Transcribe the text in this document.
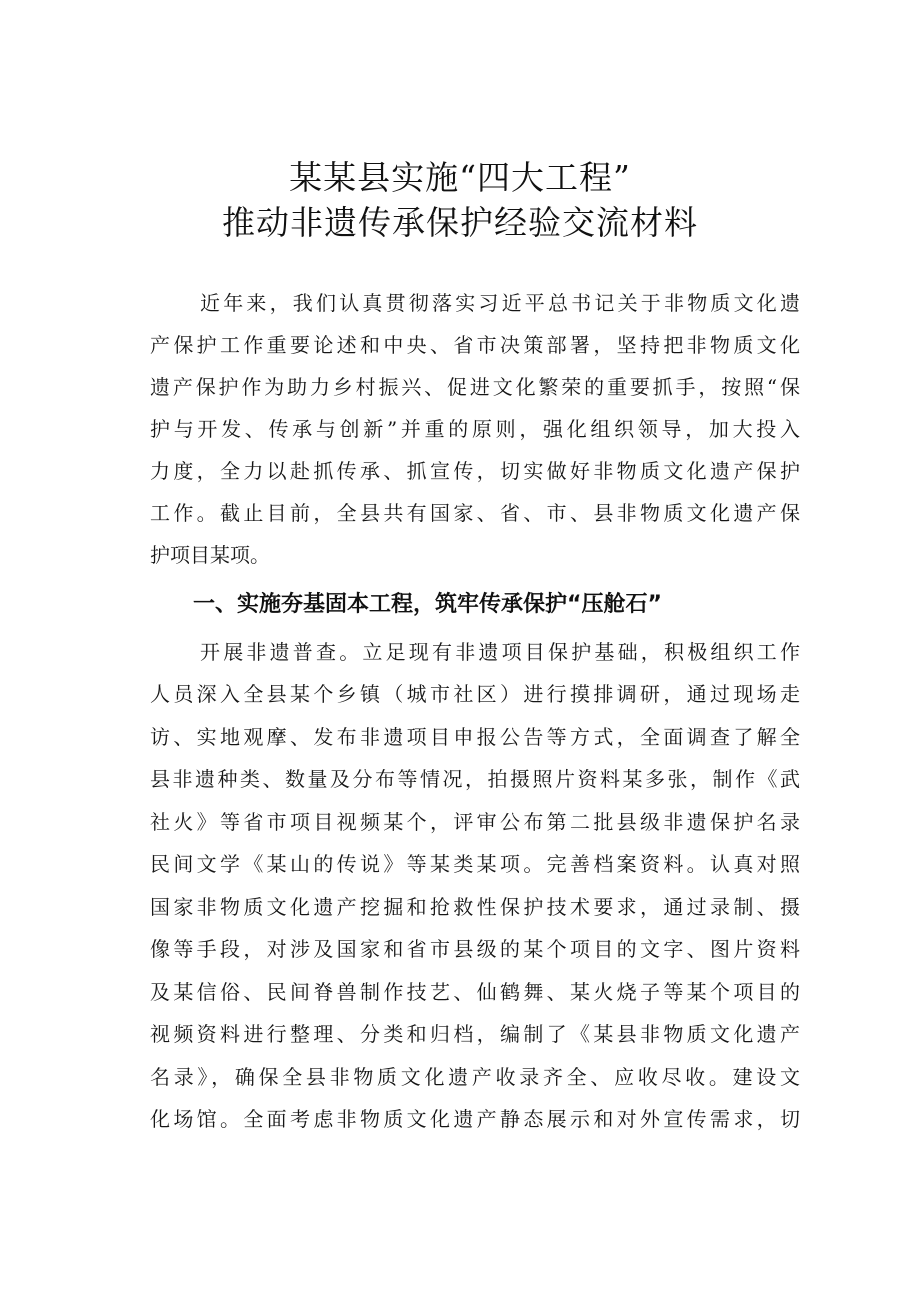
某某县实施“四大工程”
推动非遗传承保护经验交流材料
近年来，我们认真贯彻落实习近平总书记关于非物质文化遗
产保护工作重要论述和中央、省市决策部署，坚持把非物质文化
遗产保护作为助力乡村振兴、促进文化繁荣的重要抓手，按照“保
护与开发、传承与创新”并重的原则，强化组织领导，加大投入
力度，全力以赴抓传承、抓宣传，切实做好非物质文化遗产保护
工作。截止目前，全县共有国家、省、市、县非物质文化遗产保
护项目某项。
一、实施夯基固本工程，筑牢传承保护“压舱石”
开展非遗普查。立足现有非遗项目保护基础，积极组织工作
人员深入全县某个乡镇（城市社区）进行摸排调研，通过现场走
访、实地观摩、发布非遗项目申报公告等方式，全面调查了解全
县非遗种类、数量及分布等情况，拍摄照片资料某多张，制作《武
社火》等省市项目视频某个，评审公布第二批县级非遗保护名录
民间文学《某山的传说》等某类某项。完善档案资料。认真对照
国家非物质文化遗产挖掘和抢救性保护技术要求，通过录制、摄
像等手段，对涉及国家和省市县级的某个项目的文字、图片资料
及某信俗、民间脊兽制作技艺、仙鹤舞、某火烧子等某个项目的
视频资料进行整理、分类和归档，编制了《某县非物质文化遗产
名录》，确保全县非物质文化遗产收录齐全、应收尽收。建设文
化场馆。全面考虑非物质文化遗产静态展示和对外宣传需求，切
